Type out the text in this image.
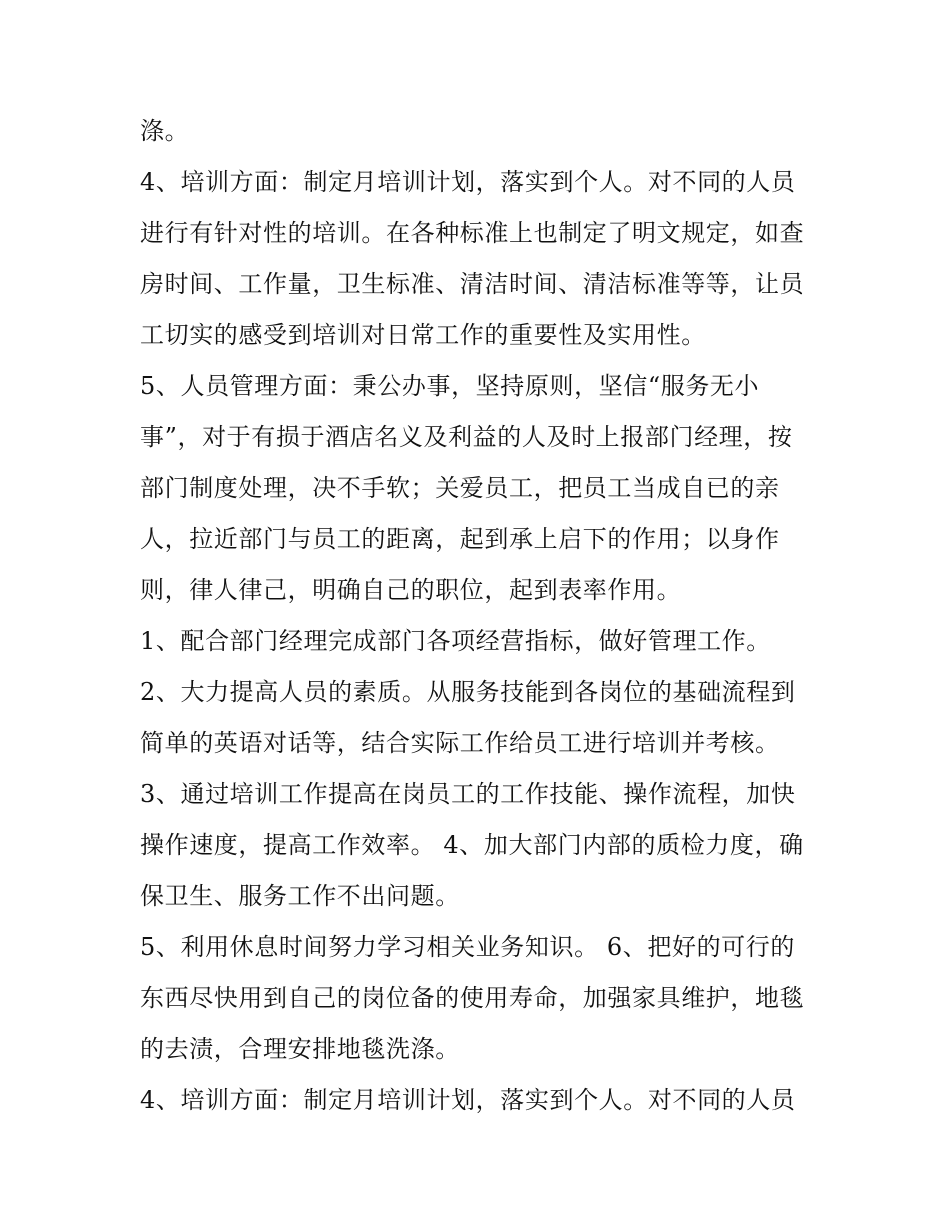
涤。
4、培训方面：制定月培训计划，落实到个人。对不同的人员
进行有针对性的培训。在各种标准上也制定了明文规定，如查
房时间、工作量，卫生标准、清洁时间、清洁标准等等，让员
工切实的感受到培训对日常工作的重要性及实用性。
5、人员管理方面：秉公办事，坚持原则，坚信“服务无小
事”，对于有损于酒店名义及利益的人及时上报部门经理，按
部门制度处理，决不手软；关爱员工，把员工当成自已的亲
人，拉近部门与员工的距离，起到承上启下的作用；以身作
则，律人律己，明确自己的职位，起到表率作用。
1、配合部门经理完成部门各项经营指标，做好管理工作。
2、大力提高人员的素质。从服务技能到各岗位的基础流程到
简单的英语对话等，结合实际工作给员工进行培训并考核。
3、通过培训工作提高在岗员工的工作技能、操作流程，加快
操作速度，提高工作效率。 4、加大部门内部的质检力度，确
保卫生、服务工作不出问题。
5、利用休息时间努力学习相关业务知识。 6、把好的可行的
东西尽快用到自己的岗位备的使用寿命，加强家具维护，地毯
的去渍，合理安排地毯洗涤。
4、培训方面：制定月培训计划，落实到个人。对不同的人员
